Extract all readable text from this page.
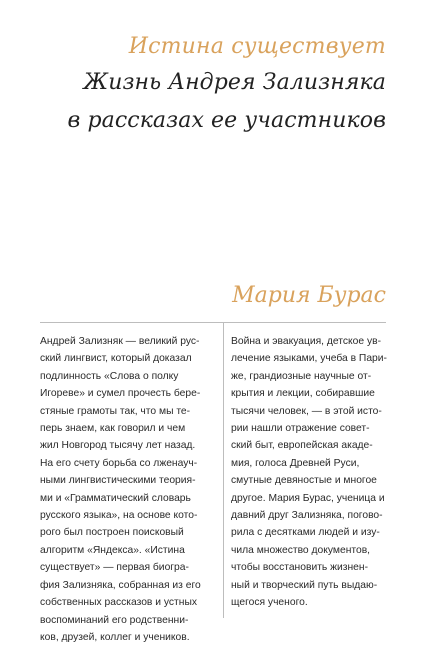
Истина существует
Жизнь Андрея Зализняка
в рассказах ее участников
Мария Бурас
Андрей Зализняк — великий рус-
ский лингвист, который доказал
подлинность «Слова о полку
Игореве» и сумел прочесть бере-
стяные грамоты так, что мы те-
перь знаем, как говорил и чем
жил Новгород тысячу лет назад.
На его счету борьба со лженауч-
ными лингвистическими теория-
ми и «Грамматический словарь
русского языка», на основе кото-
рого был построен поисковый
алгоритм «Яндекса». «Истина
существует» — первая биогра-
фия Зализняка, собранная из его
собственных рассказов и устных
воспоминаний его родственни-
ков, друзей, коллег и учеников.
Война и эвакуация, детское ув-
лечение языками, учеба в Пари-
же, грандиозные научные от-
крытия и лекции, собиравшие
тысячи человек, — в этой исто-
рии нашли отражение совет-
ский быт, европейская акаде-
мия, голоса Древней Руси,
смутные девяностые и многое
другое. Мария Бурас, ученица и
давний друг Зализняка, погово-
рила с десятками людей и изу-
чила множество документов,
чтобы восстановить жизнен-
ный и творческий путь выдаю-
щегося ученого.
